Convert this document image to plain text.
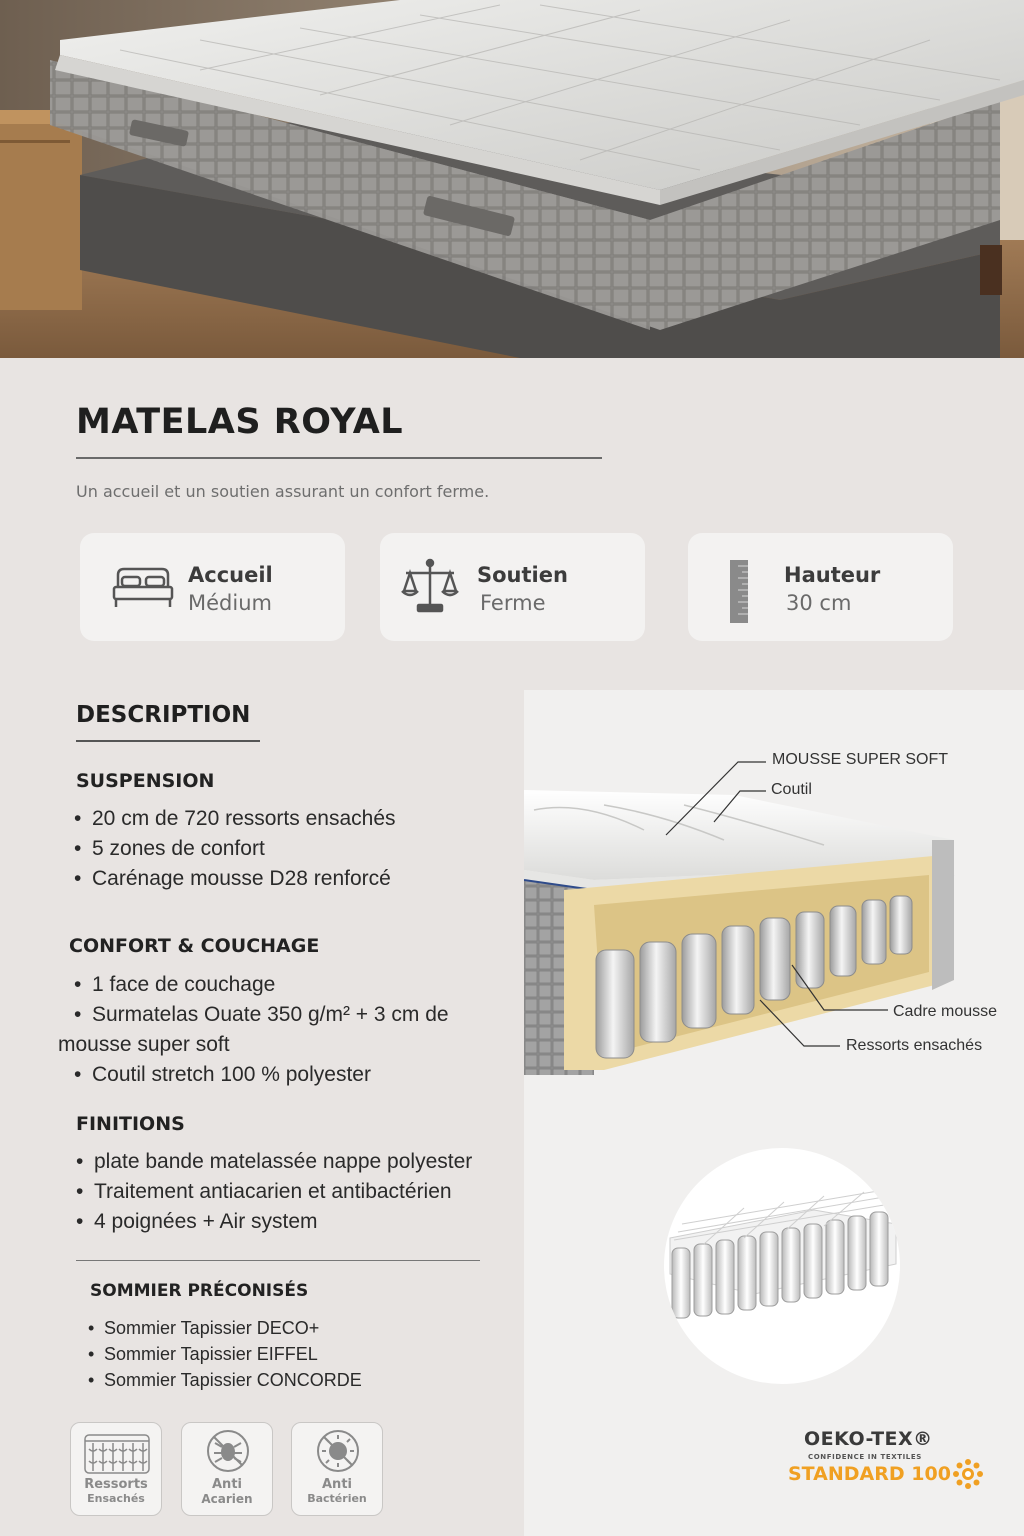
MATELAS ROYAL
Un accueil et un soutien assurant un confort ferme.
Accueil
Médium
Soutien
Ferme
Hauteur
30 cm
DESCRIPTION
SUSPENSION
• 20 cm de 720 ressorts ensachés
• 5 zones de confort
• Carénage mousse D28 renforcé
CONFORT & COUCHAGE
• 1 face de couchage
• Surmatelas Ouate 350 g/m² + 3 cm de
mousse super soft
• Coutil stretch 100 % polyester
FINITIONS
• plate bande matelassée nappe polyester
• Traitement antiacarien et antibactérien
• 4 poignées + Air system
SOMMIER PRÉCONISÉS
• Sommier Tapissier DECO+
• Sommier Tapissier EIFFEL
• Sommier Tapissier CONCORDE
Ressorts
Ensachés
Anti
Acarien
Anti
Bactérien
MOUSSE SUPER SOFT
Coutil
Cadre mousse
Ressorts ensachés
OEKO-TEX®
CONFIDENCE IN TEXTILES
STANDARD 100
